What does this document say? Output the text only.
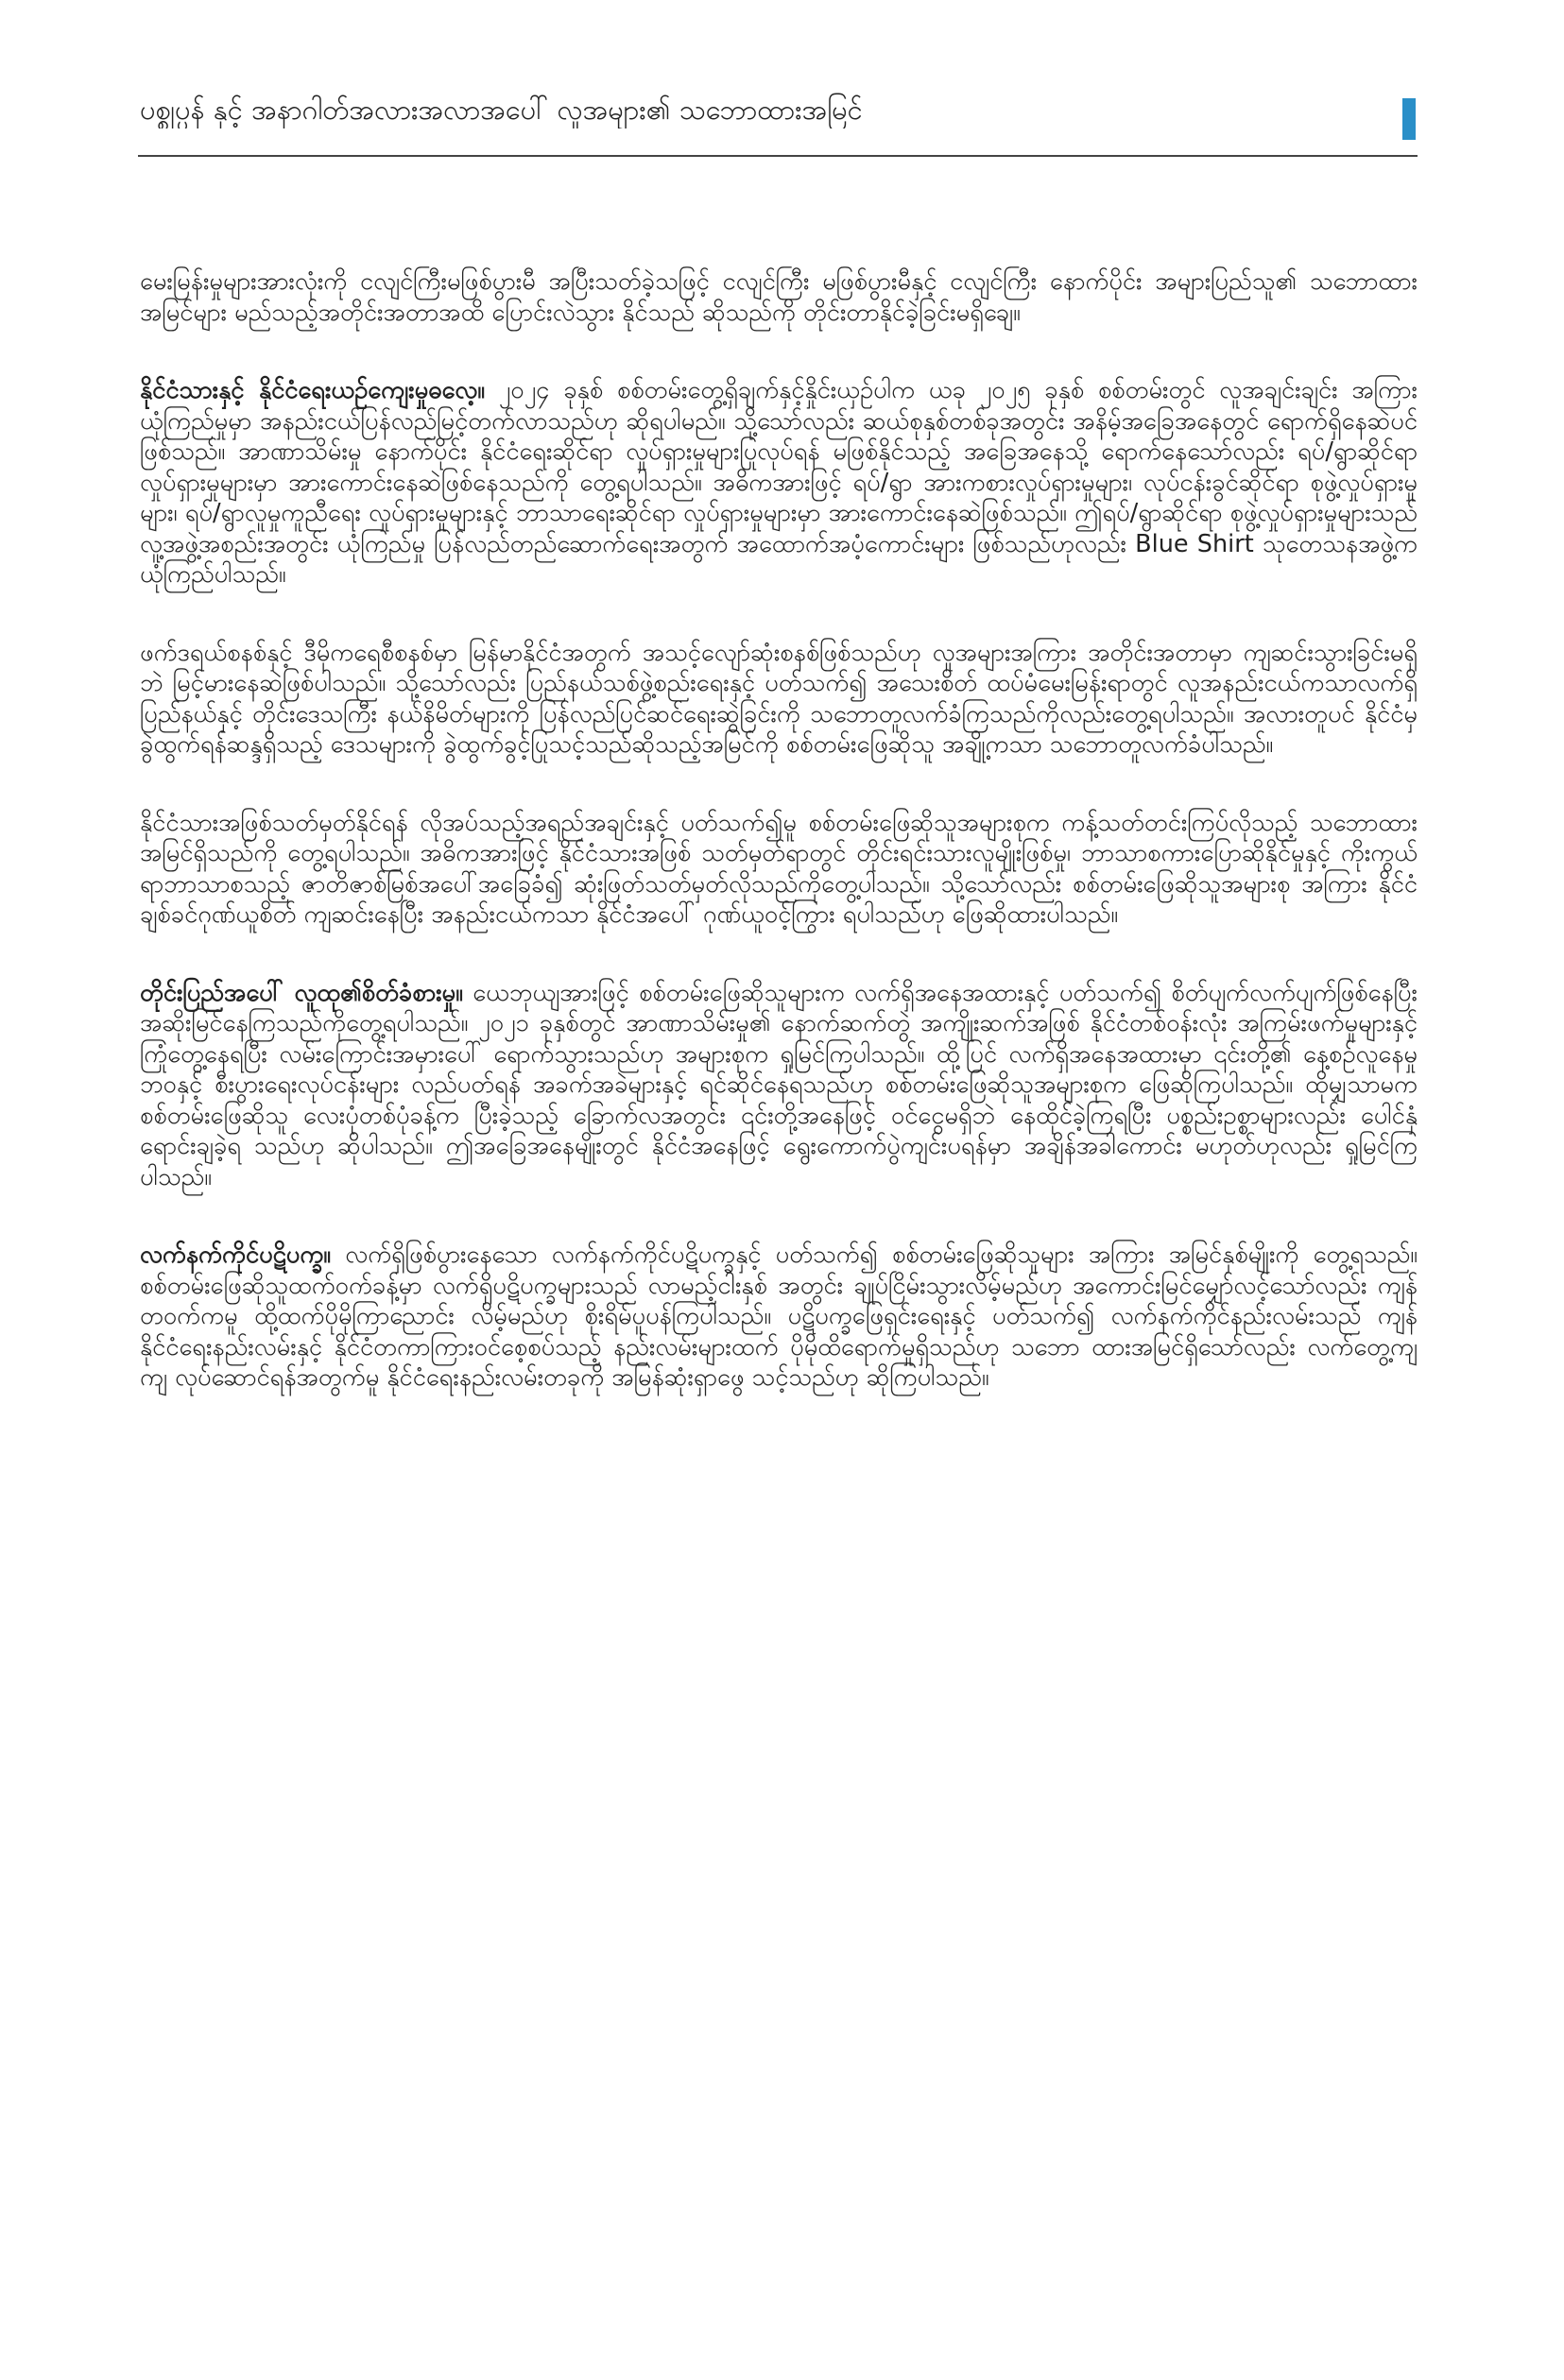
ပစ္စုပ္ပန် နှင့် အနာဂါတ်အလားအလာအပေါ် လူအများ၏ သဘောထားအမြင်

မေးမြန်းမှုများအားလုံးကို ငလျင်ကြီးမဖြစ်ပွားမီ အပြီးသတ်ခဲ့သဖြင့် ငလျင်ကြီး မဖြစ်ပွားမီနှင့် ငလျင်ကြီး နောက်ပိုင်း အများပြည်သူ၏ သဘောထားအမြင်များ မည်သည့်အတိုင်းအတာအထိ ပြောင်းလဲသွား နိုင်သည် ဆိုသည်ကို တိုင်းတာနိုင်ခဲ့ခြင်းမရှိချေ။

နိုင်ငံသားနှင့် နိုင်ငံရေးယဉ်ကျေးမှုဓလေ့။ ၂၀၂၄ ခုနှစ် စစ်တမ်းတွေ့ရှိချက်နှင့်နှိုင်းယှဉ်ပါက ယခု ၂၀၂၅ ခုနှစ် စစ်တမ်းတွင် လူအချင်းချင်း အကြားယုံကြည်မှုမှာ အနည်းငယ်ပြန်လည်မြင့်တက်လာသည်ဟု ဆိုရပါမည်။ သို့သော်လည်း ဆယ်စုနှစ်တစ်ခုအတွင်း အနိမ့်အခြေအနေတွင် ရောက်ရှိနေဆဲပင်ဖြစ်သည်။ အာဏာသိမ်းမှု နောက်ပိုင်း နိုင်ငံရေးဆိုင်ရာ လှုပ်ရှားမှုများပြုလုပ်ရန် မဖြစ်နိုင်သည့် အခြေအနေသို့ ရောက်နေသော်လည်း ရပ်/ရွာဆိုင်ရာ လှုပ်ရှားမှုများမှာ အားကောင်းနေဆဲဖြစ်နေသည်ကို တွေ့ရပါသည်။ အဓိကအားဖြင့် ရပ်/ရွာ အားကစားလှုပ်ရှားမှုများ၊ လုပ်ငန်းခွင်ဆိုင်ရာ စုဖွဲ့လှုပ်ရှားမှုများ၊ ရပ်/ရွာလူမှုကူညီရေး လှုပ်ရှားမှုများနှင့် ဘာသာရေးဆိုင်ရာ လှုပ်ရှားမှုများမှာ အားကောင်းနေဆဲဖြစ်သည်။ ဤရပ်/ရွာဆိုင်ရာ စုဖွဲ့လှုပ်ရှားမှုများသည် လူ့အဖွဲ့အစည်းအတွင်း ယုံကြည်မှု ပြန်လည်တည်ဆောက်ရေးအတွက် အထောက်အပံ့ကောင်းများ ဖြစ်သည်ဟုလည်း Blue Shirt သုတေသနအဖွဲ့က ယုံကြည်ပါသည်။

ဖက်ဒရယ်စနစ်နှင့် ဒီမိုကရေစီစနစ်မှာ မြန်မာနိုင်ငံအတွက် အသင့်လျော်ဆုံးစနစ်ဖြစ်သည်ဟု လူအများအကြား အတိုင်းအတာမှာ ကျဆင်းသွားခြင်းမရှိဘဲ မြင့်မားနေဆဲဖြစ်ပါသည်။ သို့သော်လည်း ပြည်နယ်သစ်ဖွဲ့စည်းရေးနှင့် ပတ်သက်၍ အသေးစိတ် ထပ်မံမေးမြန်းရာတွင် လူအနည်းငယ်ကသာလက်ရှိ ပြည်နယ်နှင့် တိုင်းဒေသကြီး နယ်နိမိတ်များကို ပြန်လည်ပြင်ဆင်ရေးဆွဲခြင်းကို သဘောတူလက်ခံကြသည်ကိုလည်းတွေ့ရပါသည်။ အလားတူပင် နိုင်ငံမှခွဲထွက်ရန်ဆန္ဒရှိသည့် ဒေသများကို ခွဲထွက်ခွင့်ပြုသင့်သည်ဆိုသည့်အမြင်ကို စစ်တမ်းဖြေဆိုသူ အချို့ကသာ သဘောတူလက်ခံပါသည်။

နိုင်ငံသားအဖြစ်သတ်မှတ်နိုင်ရန် လိုအပ်သည့်အရည်အချင်းနှင့် ပတ်သက်၍မူ စစ်တမ်းဖြေဆိုသူအများစုက ကန့်သတ်တင်းကြပ်လိုသည့် သဘောထားအမြင်ရှိသည်ကို တွေ့ရပါသည်။ အဓိကအားဖြင့် နိုင်ငံသားအဖြစ် သတ်မှတ်ရာတွင် တိုင်းရင်းသားလူမျိုးဖြစ်မှု၊ ဘာသာစကားပြောဆိုနိုင်မှုနှင့် ကိုးကွယ်ရာဘာသာစသည့် ဇာတိဇာစ်မြစ်အပေါ်အခြေခံ၍ ဆုံးဖြတ်သတ်မှတ်လိုသည်ကိုတွေ့ပါသည်။ သို့သော်လည်း စစ်တမ်းဖြေဆိုသူအများစု အကြား နိုင်ငံချစ်ခင်ဂုဏ်ယူစိတ် ကျဆင်းနေပြီး အနည်းငယ်ကသာ နိုင်ငံအပေါ် ဂုဏ်ယူဝင့်ကြွား ရပါသည်ဟု ဖြေဆိုထားပါသည်။

တိုင်းပြည်အပေါ် လူထု၏စိတ်ခံစားမှု။ ယေဘုယျအားဖြင့် စစ်တမ်းဖြေဆိုသူများက လက်ရှိအနေအထားနှင့် ပတ်သက်၍ စိတ်ပျက်လက်ပျက်ဖြစ်နေပြီး အဆိုးမြင်နေကြသည်ကိုတွေ့ရပါသည်။ ၂၀၂၁ ခုနှစ်တွင် အာဏာသိမ်းမှု၏ နောက်ဆက်တွဲ အကျိုးဆက်အဖြစ် နိုင်ငံတစ်ဝန်းလုံး အကြမ်းဖက်မှုများနှင့် ကြုံတွေ့နေရပြီး လမ်းကြောင်းအမှားပေါ် ရောက်သွားသည်ဟု အများစုက ရှုမြင်ကြပါသည်။ ထို့ပြင် လက်ရှိအနေအထားမှာ ၎င်းတို့၏ နေ့စဉ်လူနေမှုဘဝနှင့် စီးပွားရေးလုပ်ငန်းများ လည်ပတ်ရန် အခက်အခဲများနှင့် ရင်ဆိုင်နေရသည်ဟု စစ်တမ်းဖြေဆိုသူအများစုက ဖြေဆိုကြပါသည်။ ထိုမျှသာမက စစ်တမ်းဖြေဆိုသူ လေးပုံတစ်ပုံခန့်က ပြီးခဲ့သည့် ခြောက်လအတွင်း ၎င်းတို့အနေဖြင့် ဝင်ငွေမရှိဘဲ နေထိုင်ခဲ့ကြရပြီး ပစ္စည်းဥစ္စာများလည်း ပေါင်နှံရောင်းချခဲ့ရ သည်ဟု ဆိုပါသည်။ ဤအခြေအနေမျိုးတွင် နိုင်ငံအနေဖြင့် ရွေးကောက်ပွဲကျင်းပရန်မှာ အချိန်အခါကောင်း မဟုတ်ဟုလည်း ရှုမြင်ကြပါသည်။

လက်နက်ကိုင်ပဋိပက္ခ။ လက်ရှိဖြစ်ပွားနေသော လက်နက်ကိုင်ပဋိပက္ခနှင့် ပတ်သက်၍ စစ်တမ်းဖြေဆိုသူများ အကြား အမြင်နှစ်မျိုးကို တွေ့ရသည်။ စစ်တမ်းဖြေဆိုသူထက်ဝက်ခန့်မှာ လက်ရှိပဋိပက္ခများသည် လာမည့်ငါးနှစ် အတွင်း ချုပ်ငြိမ်းသွားလိမ့်မည်ဟု အကောင်းမြင်မျှော်လင့်သော်လည်း ကျန်တဝက်ကမူ ထို့ထက်ပိုမိုကြာညောင်း လိမ့်မည်ဟု စိုးရိမ်ပူပန်ကြပါသည်။ ပဋိပက္ခဖြေရှင်းရေးနှင့် ပတ်သက်၍ လက်နက်ကိုင်နည်းလမ်းသည် ကျန် နိုင်ငံရေးနည်းလမ်းနှင့် နိုင်ငံတကာကြားဝင်စေ့စပ်သည့် နည်းလမ်းများထက် ပိုမိုထိရောက်မှုရှိသည်ဟု သဘော ထားအမြင်ရှိသော်လည်း လက်တွေ့ကျကျ လုပ်ဆောင်ရန်အတွက်မူ နိုင်ငံရေးနည်းလမ်းတခုကို အမြန်ဆုံးရှာဖွေ သင့်သည်ဟု ဆိုကြပါသည်။
